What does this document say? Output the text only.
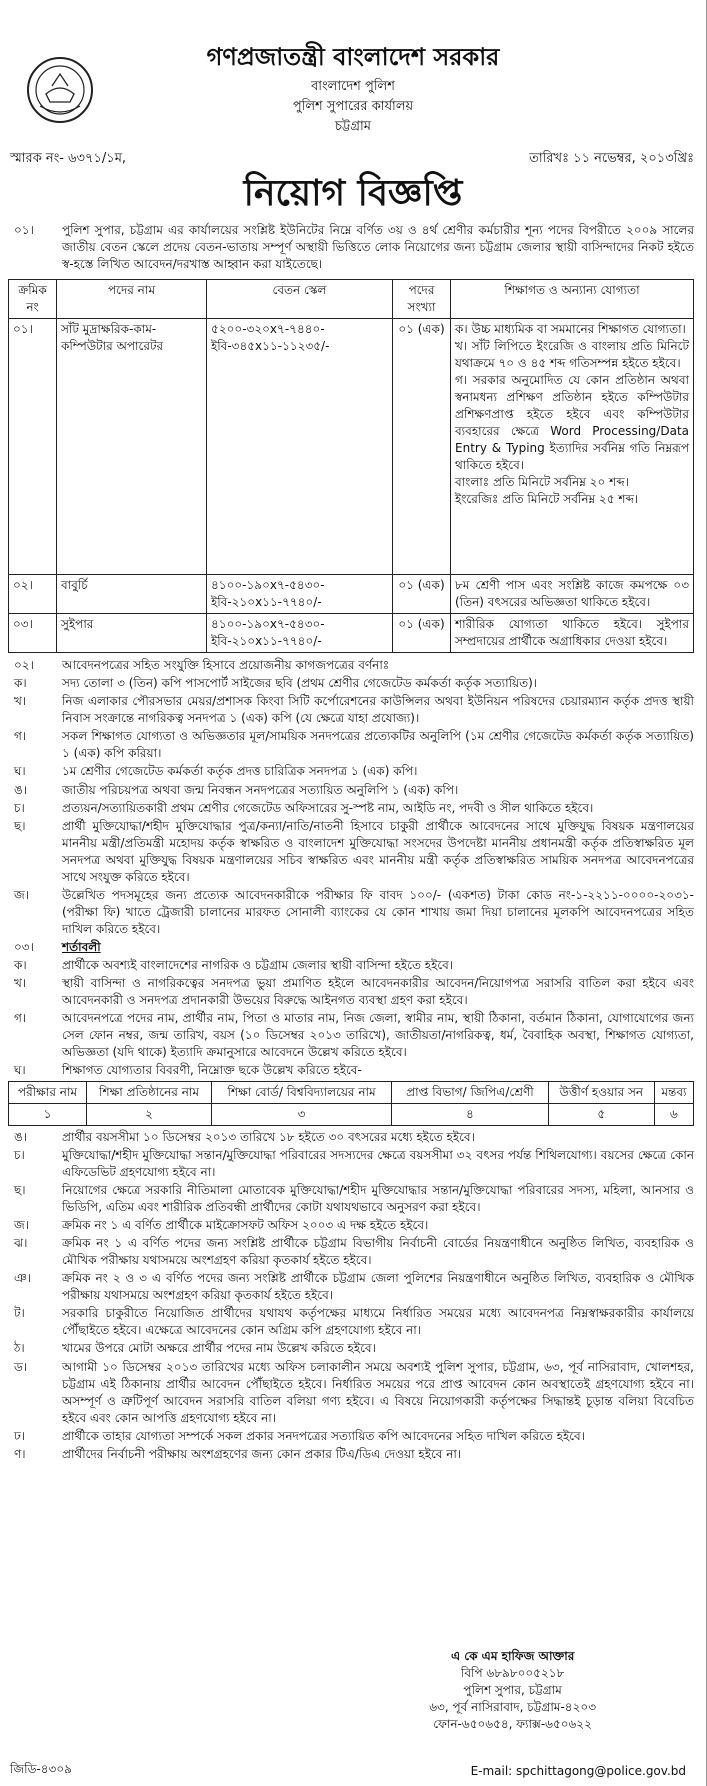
গণপ্রজাতন্ত্রী বাংলাদেশ সরকার
বাংলাদেশ পুলিশ
পুলিশ সুপারের কার্যালয়
চট্টগ্রাম
স্মারক নং- ৬৩৭১/১ম,	তারিখঃ ১১ নভেম্বর, ২০১৩খ্রিঃ
নিয়োগ বিজ্ঞপ্তি
০১।	পুলিশ সুপার, চট্টগ্রাম এর কার্যালয়ের সংশ্লিষ্ট ইউনিটের নিম্নে বর্ণিত ৩য় ও ৪র্থ শ্রেণীর কর্মচারীর শূন্য পদের বিপরীতে ২০০৯ সালের জাতীয় বেতন স্কেলে প্রদেয় বেতন-ভাতায় সম্পূর্ণ অস্থায়ী ভিত্তিতে লোক নিয়োগের জন্য চট্টগ্রাম জেলার স্থায়ী বাসিন্দাদের নিকট হইতে স্ব-হস্তে লিখিত আবেদন/দরখাস্ত আহ্বান করা যাইতেছে।
ক্রমিক নং	পদের নাম	বেতন স্কেল	পদের সংখ্যা	শিক্ষাগত ও অন্যান্য যোগ্যতা
০১।	সাঁট মুদ্রাক্ষরিক-কাম-কম্পিউটার অপারেটর	৫২০০-৩২০x৭-৭৪৪০-ইবি-৩৪৫x১১-১১২৩৫/-	০১ (এক)	ক। উচ্চ মাধ্যমিক বা সমমানের শিক্ষাগত যোগ্যতা।
খ। সাঁট লিপিতে ইংরেজি ও বাংলায় প্রতি মিনিটে যথাক্রমে ৭০ ও ৪৫ শব্দ গতিসম্পন্ন হইতে হইবে।
গ। সরকার অনুমোদিত যে কোন প্রতিষ্ঠান অথবা স্বনামধন্য প্রশিক্ষণ প্রতিষ্ঠান হইতে কম্পিউটার প্রশিক্ষণপ্রাপ্ত হইতে হইবে এবং কম্পিউটার ব্যবহারের ক্ষেত্রে Word Processing/Data Entry & Typing ইত্যাদির সর্বনিম্ন গতি নিম্নরূপ থাকিতে হইবে।
বাংলাঃ প্রতি মিনিটে সর্বনিম্ন ২০ শব্দ।
ইংরেজিঃ প্রতি মিনিটে সর্বনিম্ন ২৫ শব্দ।

০২।	বাবুর্চি	৪১০০-১৯০x৭-৫৪৩০-ইবি-২১০x১১-৭৭৪০/-	০১ (এক)	৮ম শ্রেণী পাস এবং সংশ্লিষ্ট কাজে কমপক্ষে ০৩ (তিন) বৎসরের অভিজ্ঞতা থাকিতে হইবে।
০৩।	সুইপার	৪১০০-১৯০x৭-৫৪৩০-ইবি-২১০x১১-৭৭৪০/-	০১ (এক)	শারীরিক যোগ্যতা থাকিতে হইবে। সুইপার সম্প্রদায়ের প্রার্থীকে অগ্রাধিকার দেওয়া হইবে।
০২।	আবেদনপত্রের সহিত সংযুক্তি হিসাবে প্রয়োজনীয় কাগজপত্রের বর্ণনাঃ
ক।	সদ্য তোলা ৩ (তিন) কপি পাসপোর্ট সাইজের ছবি (প্রথম শ্রেণীর গেজেটেড কর্মকর্তা কর্তৃক সত্যায়িত)।
খ।	নিজ এলাকার পৌরসভার মেয়র/প্রশাসক কিংবা সিটি কর্পোরেশনের কাউন্সিলর অথবা ইউনিয়ন পরিষদের চেয়ারম্যান কর্তৃক প্রদত্ত স্থায়ী নিবাস সংক্রান্তে নাগরিকত্ব সনদপত্র ১ (এক) কপি (যে ক্ষেত্রে যাহা প্রযোজ্য)।
গ।	সকল শিক্ষাগত যোগ্যতা ও অভিজ্ঞতার মূল/সাময়িক সনদপত্রের প্রত্যেকটির অনুলিপি (১ম শ্রেণীর গেজেটেড কর্মকর্তা কর্তৃক সত্যায়িত) ১ (এক) কপি করিয়া।
ঘ।	১ম শ্রেণীর গেজেটেড কর্মকর্তা কর্তৃক প্রদত্ত চারিত্রিক সনদপত্র ১ (এক) কপি।
ঙ।	জাতীয় পরিচয়পত্র অথবা জন্ম নিবন্ধন সনদপত্রের সত্যায়িত অনুলিপি ১ (এক) কপি।
চ।	প্রত্যয়ন/সত্যায়িতকারী প্রথম শ্রেণীর গেজেটেড অফিসারের সু-স্পষ্ট নাম, আইডি নং, পদবী ও সীল থাকিতে হইবে।
ছ।	প্রার্থী মুক্তিযোদ্ধা/শহীদ মুক্তিযোদ্ধার পুত্র/কন্যা/নাতি/নাতনী হিসাবে চাকুরী প্রার্থীকে আবেদনের সাথে মুক্তিযুদ্ধ বিষয়ক মন্ত্রণালয়ের মাননীয় মন্ত্রী/প্রতিমন্ত্রী মহোদয় কর্তৃক স্বাক্ষরিত ও বাংলাদেশ মুক্তিযোদ্ধা সংসদের উপদেষ্টা মাননীয় প্রধানমন্ত্রী কর্তৃক প্রতিস্বাক্ষরিত মূল সনদপত্র অথবা মুক্তিযুদ্ধ বিষয়ক মন্ত্রণালয়ের সচিব স্বাক্ষরিত এবং মাননীয় মন্ত্রী কর্তৃক প্রতিস্বাক্ষরিত সাময়িক সনদপত্র আবেদনপত্রের সাথে সংযুক্ত করিতে হইবে।
জ।	উল্লেখিত পদসমূহের জন্য প্রত্যেক আবেদনকারীকে পরীক্ষার ফি বাবদ ১০০/- (একশত) টাকা কোড নং-১-২২১১-০০০০-২০৩১- (পরীক্ষা ফি) খাতে ট্রেজারী চালানের মারফত সোনালী ব্যাংকের যে কোন শাখায় জমা দিয়া চালানের মূলকপি আবেদনপত্রের সহিত দাখিল করিতে হইবে।
০৩।	শর্তাবলী
ক।	প্রার্থীকে অবশ্যই বাংলাদেশের নাগরিক ও চট্টগ্রাম জেলার স্থায়ী বাসিন্দা হইতে হইবে।
খ।	স্থায়ী বাসিন্দা ও নাগরিকত্বের সনদপত্র ভুয়া প্রমাণিত হইলে আবেদনকারীর আবেদন/নিয়োগপত্র সরাসরি বাতিল করা হইবে এবং আবেদনকারী ও সনদপত্র প্রদানকারী উভয়ের বিরুদ্ধে আইনগত ব্যবস্থা গ্রহণ করা হইবে।
গ।	আবেদনপত্রে পদের নাম, প্রার্থীর নাম, পিতা ও মাতার নাম, নিজ জেলা, স্বামীর নাম, স্থায়ী ঠিকানা, বর্তমান ঠিকানা, যোগাযোগের জন্য সেল ফোন নম্বর, জন্ম তারিখ, বয়স (১০ ডিসেম্বর ২০১৩ তারিখে), জাতীয়তা/নাগরিকত্ব, ধর্ম, বৈবাহিক অবস্থা, শিক্ষাগত যোগ্যতা, অভিজ্ঞতা (যদি থাকে) ইত্যাদি ক্রমানুসারে আবেদনে উল্লেখ করিতে হইবে।
ঘ।	শিক্ষাগত যোগ্যতার বিবরণী, নিম্নোক্ত ছকে উল্লেখ করিতে হইবে-
পরীক্ষার নাম	শিক্ষা প্রতিষ্ঠানের নাম	শিক্ষা বোর্ড/ বিশ্ববিদ্যালয়ের নাম	প্রাপ্ত বিভাগ/ জিপিএ/শ্রেণী	উত্তীর্ণ হওয়ার সন	মন্তব্য
১	২	৩	৪	৫	৬
ঙ।	প্রার্থীর বয়সসীমা ১০ ডিসেম্বর ২০১৩ তারিখে ১৮ হইতে ৩০ বৎসরের মধ্যে হইতে হইবে।
চ।	মুক্তিযোদ্ধা/শহীদ মুক্তিযোদ্ধা সন্তান/মুক্তিযোদ্ধা পরিবারের সদস্যদের ক্ষেত্রে বয়সসীমা ৩২ বৎসর পর্যন্ত শিথিলযোগ্য। বয়সের ক্ষেত্রে কোন এফিডেভিট গ্রহণযোগ্য হইবে না।
ছ।	নিয়োগের ক্ষেত্রে সরকারি নীতিমালা মোতাবেক মুক্তিযোদ্ধা/শহীদ মুক্তিযোদ্ধার সন্তান/মুক্তিযোদ্ধা পরিবারের সদস্য, মহিলা, আনসার ও ভিডিপি, এতিম এবং শারীরিক প্রতিবন্ধী প্রার্থীদের কোটা যথাযথভাবে অনুসরণ করা হইবে।
জ।	ক্রমিক নং ১ এ বর্ণিত প্রার্থীকে মাইক্রোসফট অফিস ২০০৩ এ দক্ষ হইতে হইবে।
ঝ।	ক্রমিক নং ১ এ বর্ণিত পদের জন্য সংশ্লিষ্ট প্রার্থীকে চট্টগ্রাম বিভাগীয় নির্বাচনী বোর্ডের নিয়ন্ত্রণাধীনে অনুষ্ঠিত লিখিত, ব্যবহারিক ও মৌখিক পরীক্ষায় যথাসময়ে অংশগ্রহণ করিয়া কৃতকার্য হইতে হইবে।
ঞ।	ক্রমিক নং ২ ও ৩ এ বর্ণিত পদের জন্য সংশ্লিষ্ট প্রার্থীকে চট্টগ্রাম জেলা পুলিশের নিয়ন্ত্রণাধীনে অনুষ্ঠিত লিখিত, ব্যবহারিক ও মৌখিক পরীক্ষায় যথাসময়ে অংশগ্রহণ করিয়া কৃতকার্য হইতে হইবে।
ট।	সরকারি চাকুরীতে নিয়োজিত প্রার্থীদের যথাযথ কর্তৃপক্ষের মাধ্যমে নির্ধারিত সময়ের মধ্যে আবেদনপত্র নিম্নস্বাক্ষরকারীর কার্যালয়ে পৌঁছাইতে হইবে। এক্ষেত্রে আবেদনের কোন অগ্রিম কপি গ্রহণযোগ্য হইবে না।
ঠ।	খামের উপরে মোটা অক্ষরে প্রার্থীর পদের নাম উল্লেখ করিতে হইবে।
ড।	আগামী ১০ ডিসেম্বর ২০১৩ তারিখের মধ্যে অফিস চলাকালীন সময়ে অবশ্যই পুলিশ সুপার, চট্টগ্রাম, ৬৩, পূর্ব নাসিরাবাদ, খোলশহর, চট্টগ্রাম এই ঠিকানায় প্রার্থীর আবেদন পৌঁছাইতে হইবে। নির্ধারিত সময়ের পরে প্রাপ্ত আবেদন কোন অবস্থাতেই গ্রহণযোগ্য হইবে না। অসম্পূর্ণ ও ত্রুটিপূর্ণ আবেদন সরাসরি বাতিল বলিয়া গণ্য হইবে। এ বিষয়ে নিয়োগকারী কর্তৃপক্ষের সিদ্ধান্তই চূড়ান্ত বলিয়া বিবেচিত হইবে এবং কোন আপত্তি গ্রহণযোগ্য হইবে না।
ঢ।	প্রার্থীকে তাহার যোগ্যতা সম্পর্কে সকল প্রকার সনদপত্রের সত্যায়িত কপি আবেদনের সহিত দাখিল করিতে হইবে।
ণ।	প্রার্থীদের নির্বাচনী পরীক্ষায় অংশগ্রহণের জন্য কোন প্রকার টিএ/ডিএ দেওয়া হইবে না।
এ কে এম হাফিজ আক্তার
বিপি ৬৮৯৮০০৫২১৮
পুলিশ সুপার, চট্টগ্রাম
৬৩, পূর্ব নাসিরাবাদ, চট্টগ্রাম-৪২০৩
ফোন-৬৫০৬৫৪, ফ্যাক্স-৬৫০৬২২
জিডি-৪৩০৯	E-mail: spchittagong@police.gov.bd
